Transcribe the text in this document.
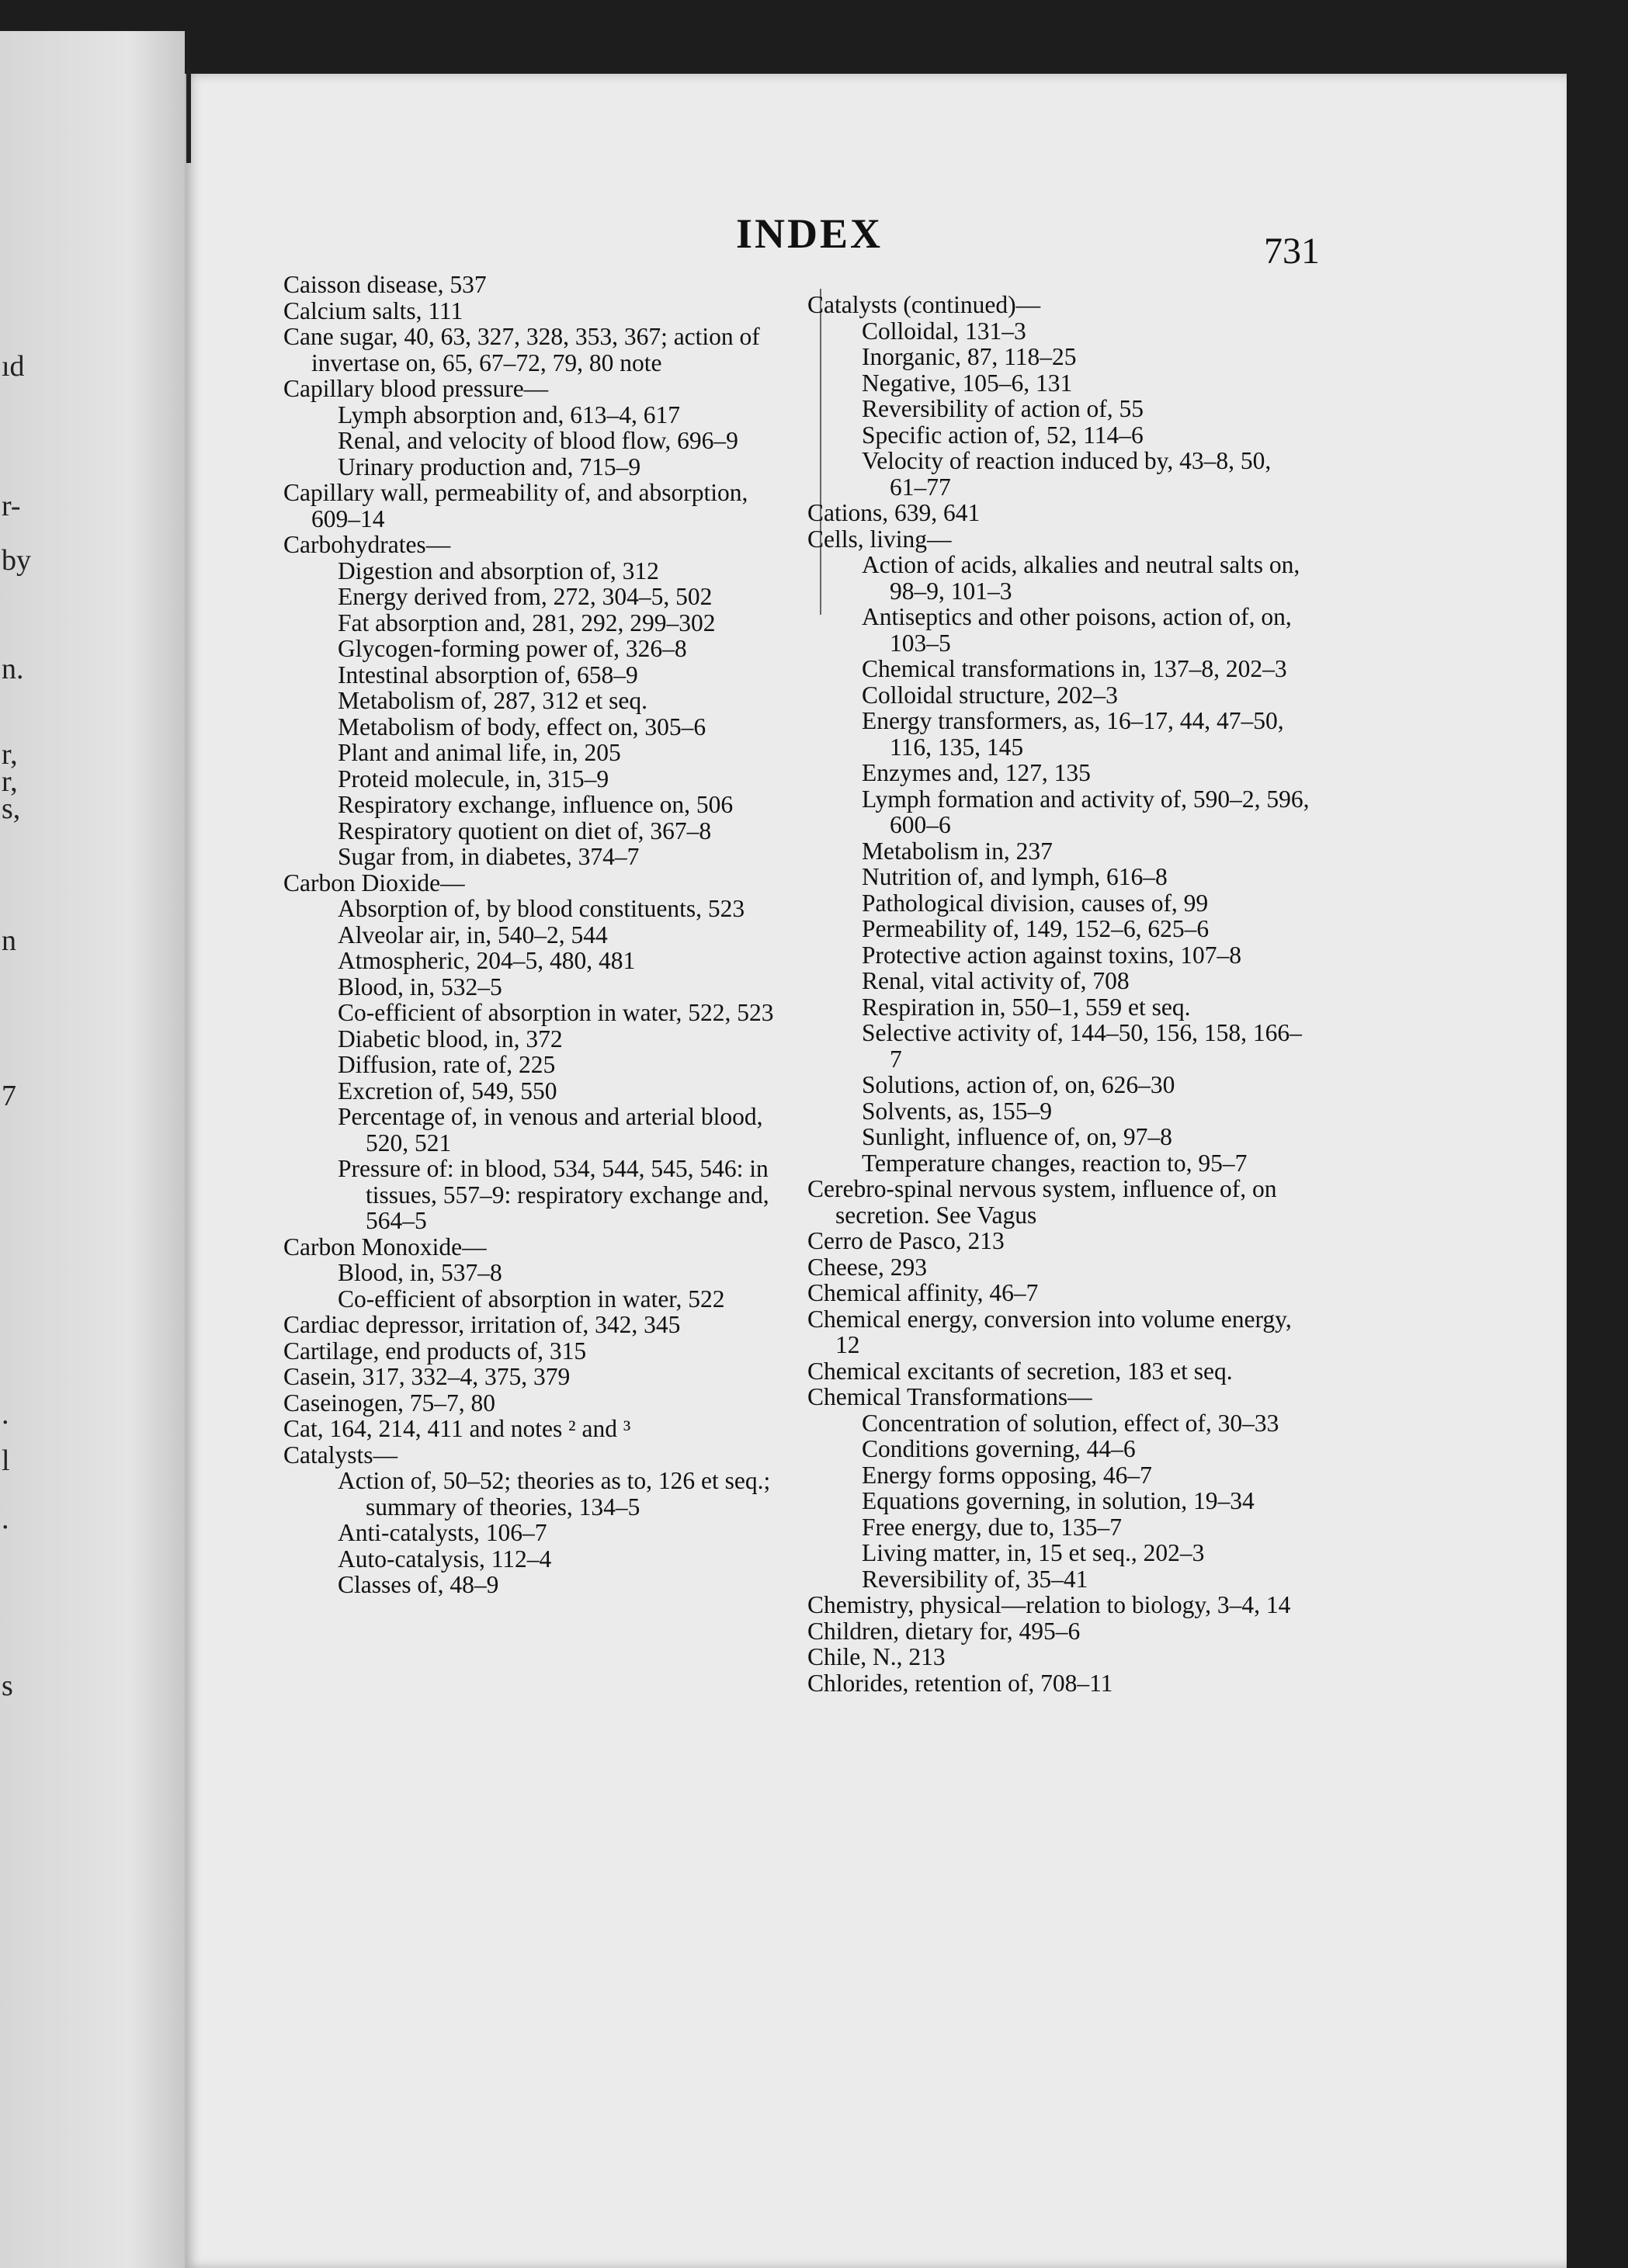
ıd
r-
by
n.
r,
r,
s,
n
7
.
l
.
s
INDEX	731

Caisson disease, 537

Calcium salts, 111

Cane sugar, 40, 63, 327, 328, 353, 367; action of invertase on, 65, 67–72, 79, 80 note

Capillary blood pressure—

Lymph absorption and, 613–4, 617

Renal, and velocity of blood flow, 696–9

Urinary production and, 715–9

Capillary wall, permeability of, and absorption, 609–14

Carbohydrates—

Digestion and absorption of, 312

Energy derived from, 272, 304–5, 502

Fat absorption and, 281, 292, 299–302

Glycogen-forming power of, 326–8

Intestinal absorption of, 658–9

Metabolism of, 287, 312 et seq.

Metabolism of body, effect on, 305–6

Plant and animal life, in, 205

Proteid molecule, in, 315–9

Respiratory exchange, influence on, 506

Respiratory quotient on diet of, 367–8

Sugar from, in diabetes, 374–7

Carbon Dioxide—

Absorption of, by blood constituents, 523

Alveolar air, in, 540–2, 544

Atmospheric, 204–5, 480, 481

Blood, in, 532–5

Co-efficient of absorption in water, 522, 523

Diabetic blood, in, 372

Diffusion, rate of, 225

Excretion of, 549, 550

Percentage of, in venous and arterial blood, 520, 521

Pressure of: in blood, 534, 544, 545, 546: in tissues, 557–9: respiratory exchange and, 564–5

Carbon Monoxide—

Blood, in, 537–8

Co-efficient of absorption in water, 522

Cardiac depressor, irritation of, 342, 345

Cartilage, end products of, 315

Casein, 317, 332–4, 375, 379

Caseinogen, 75–7, 80

Cat, 164, 214, 411 and notes ² and ³

Catalysts—

Action of, 50–52; theories as to, 126 et seq.; summary of theories, 134–5

Anti-catalysts, 106–7

Auto-catalysis, 112–4

Classes of, 48–9

Catalysts (continued)—

Colloidal, 131–3

Inorganic, 87, 118–25

Negative, 105–6, 131

Reversibility of action of, 55

Specific action of, 52, 114–6

Velocity of reaction induced by, 43–8, 50, 61–77

Cations, 639, 641

Cells, living—

Action of acids, alkalies and neutral salts on, 98–9, 101–3

Antiseptics and other poisons, action of, on, 103–5

Chemical transformations in, 137–8, 202–3

Colloidal structure, 202–3

Energy transformers, as, 16–17, 44, 47–50, 116, 135, 145

Enzymes and, 127, 135

Lymph formation and activity of, 590–2, 596, 600–6

Metabolism in, 237

Nutrition of, and lymph, 616–8

Pathological division, causes of, 99

Permeability of, 149, 152–6, 625–6

Protective action against toxins, 107–8

Renal, vital activity of, 708

Respiration in, 550–1, 559 et seq.

Selective activity of, 144–50, 156, 158, 166–7

Solutions, action of, on, 626–30

Solvents, as, 155–9

Sunlight, influence of, on, 97–8

Temperature changes, reaction to, 95–7

Cerebro-spinal nervous system, influence of, on secretion. See Vagus

Cerro de Pasco, 213

Cheese, 293

Chemical affinity, 46–7

Chemical energy, conversion into volume energy, 12

Chemical excitants of secretion, 183 et seq.

Chemical Transformations—

Concentration of solution, effect of, 30–33

Conditions governing, 44–6

Energy forms opposing, 46–7

Equations governing, in solution, 19–34

Free energy, due to, 135–7

Living matter, in, 15 et seq., 202–3

Reversibility of, 35–41

Chemistry, physical—relation to biology, 3–4, 14

Children, dietary for, 495–6

Chile, N., 213

Chlorides, retention of, 708–11
